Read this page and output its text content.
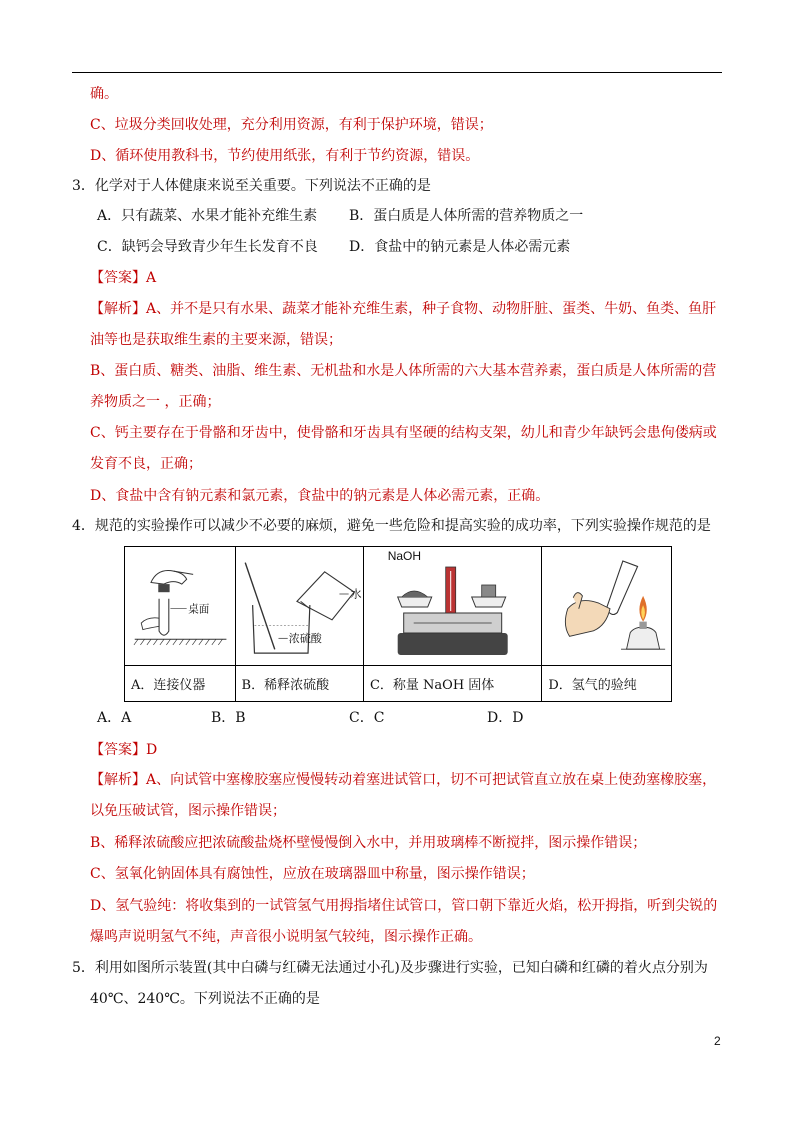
确。
C、垃圾分类回收处理，充分利用资源，有利于保护环境，错误；
D、循环使用教科书，节约使用纸张，有利于节约资源，错误。
3．化学对于人体健康来说至关重要。下列说法不正确的是
A．只有蔬菜、水果才能补充维生素 B．蛋白质是人体所需的营养物质之一
C．缺钙会导致青少年生长发育不良 D．食盐中的钠元素是人体必需元素
【答案】A
【解析】A、并不是只有水果、蔬菜才能补充维生素，种子食物、动物肝脏、蛋类、牛奶、鱼类、鱼肝
油等也是获取维生素的主要来源，错误；
B、蛋白质、糖类、油脂、维生素、无机盐和水是人体所需的六大基本营养素，蛋白质是人体所需的营
养物质之一 ，正确；
C、钙主要存在于骨骼和牙齿中，使骨骼和牙齿具有坚硬的结构支架，幼儿和青少年缺钙会患佝偻病或
发育不良，正确；
D、食盐中含有钠元素和氯元素，食盐中的钠元素是人体必需元素，正确。
4．规范的实验操作可以减少不必要的麻烦，避免一些危险和提高实验的成功率，下列实验操作规范的是
桌面	水
浓硫酸	NaOH

A．连接仪器	B．稀释浓硫酸	C．称量 NaOH 固体	D．氢气的验纯
A．A	B．B	C．C	D．D
【答案】D
【解析】A、向试管中塞橡胶塞应慢慢转动着塞进试管口，切不可把试管直立放在桌上使劲塞橡胶塞，
以免压破试管，图示操作错误；
B、稀释浓硫酸应把浓硫酸盐烧杯壁慢慢倒入水中，并用玻璃棒不断搅拌，图示操作错误；
C、氢氧化钠固体具有腐蚀性，应放在玻璃器皿中称量，图示操作错误；
D、氢气验纯：将收集到的一试管氢气用拇指堵住试管口，管口朝下靠近火焰，松开拇指，听到尖锐的
爆鸣声说明氢气不纯，声音很小说明氢气较纯，图示操作正确。
5．利用如图所示装置(其中白磷与红磷无法通过小孔)及步骤进行实验，已知白磷和红磷的着火点分别为
40℃、240℃。下列说法不正确的是
2
